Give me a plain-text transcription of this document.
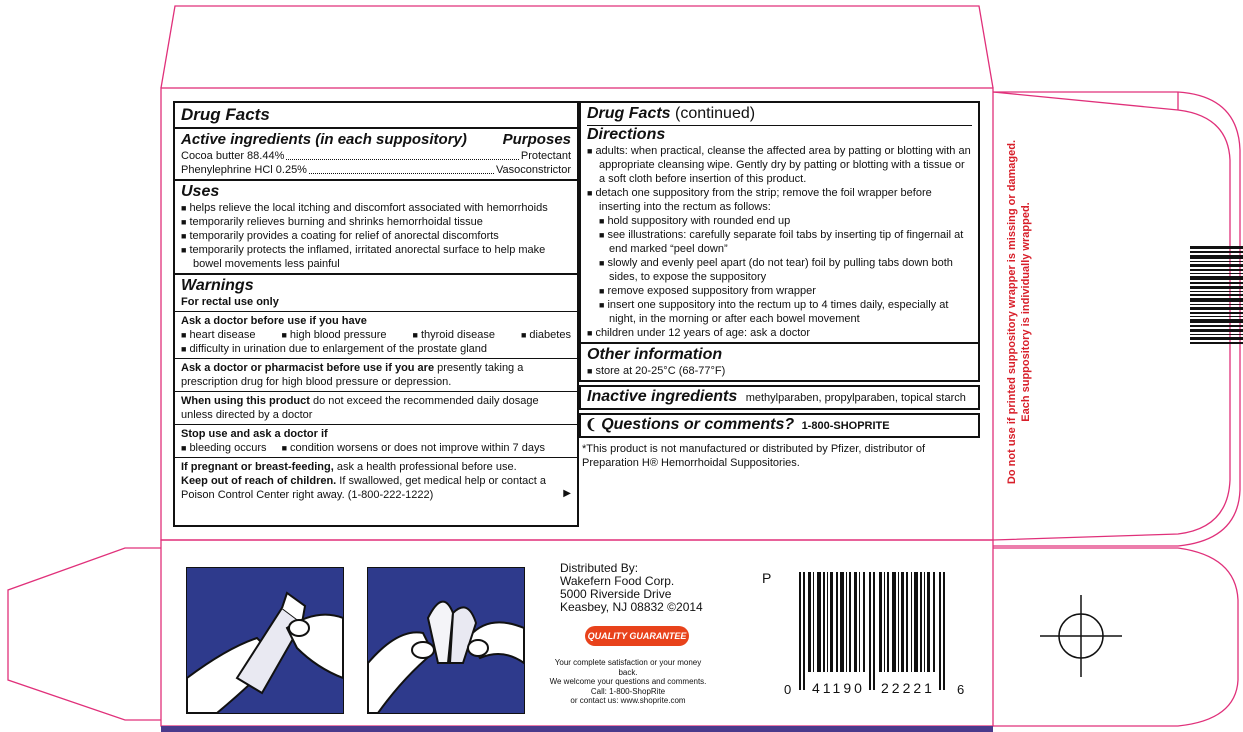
Drug Facts
Active ingredients (in each suppository) Purposes
Cocoa butter 88.44%	Protectant
Phenylephrine HCl 0.25%	Vasoconstrictor
Uses
■ helps relieve the local itching and discomfort associated with hemorrhoids
■ temporarily relieves burning and shrinks hemorrhoidal tissue
■ temporarily provides a coating for relief of anorectal discomforts
■ temporarily protects the inflamed, irritated anorectal surface to help make bowel movements less painful
Warnings
For rectal use only
Ask a doctor before use if you have
■ heart disease	■ high blood pressure	■ thyroid disease	■ diabetes
■ difficulty in urination due to enlargement of the prostate gland
Ask a doctor or pharmacist before use if you are presently taking a prescription drug for high blood pressure or depression.
When using this product do not exceed the recommended daily dosage unless directed by a doctor
Stop use and ask a doctor if
■ bleeding occurs ■ condition worsens or does not improve within 7 days
If pregnant or breast-feeding, ask a health professional before use.
Keep out of reach of children. If swallowed, get medical help or contact a Poison Control Center right away. (1-800-222-1222)	▶
Drug Facts (continued)
Directions
■ adults: when practical, cleanse the affected area by patting or blotting with an appropriate cleansing wipe. Gently dry by patting or blotting with a tissue or a soft cloth before insertion of this product.
■ detach one suppository from the strip; remove the foil wrapper before inserting into the rectum as follows:
■ hold suppository with rounded end up
■ see illustrations: carefully separate foil tabs by inserting tip of fingernail at end marked “peel down”
■ slowly and evenly peel apart (do not tear) foil by pulling tabs down both sides, to expose the suppository
■ remove exposed suppository from wrapper
■ insert one suppository into the rectum up to 4 times daily, especially at night, in the morning or after each bowel movement
■ children under 12 years of age: ask a doctor
Other information
■ store at 20-25°C (68-77°F)
Inactive ingredients methylparaben, propylparaben, topical starch
❨ Questions or comments? 1-800-SHOPRITE
*This product is not manufactured or distributed by Pfizer, distributor of Preparation H® Hemorrhoidal Suppositories.	Do not use if printed suppository wrapper is missing or damaged. Each suppository is individually wrapped.
Distributed By:
Wakefern Food Corp.
5000 Riverside Drive
Keasbey, NJ 08832 ©2014
QUALITY GUARANTEE
Your complete satisfaction or your money back.
We welcome your questions and comments.
Call: 1-800-ShopRite
or contact us: www.shoprite.com
P
0 41190 22221 6
